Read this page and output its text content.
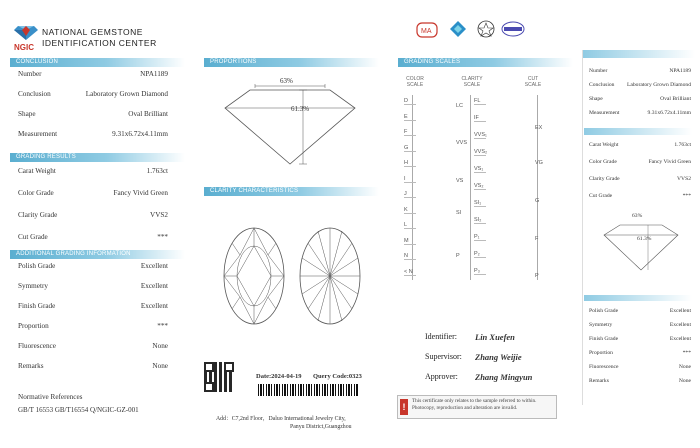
NGIC
NATIONAL GEMSTONE
IDENTIFICATION CENTER
CONCLUSION
Number	NPA1189
Conclusion	Laboratory Grown Diamond
Shape	Oval Brilliant
Measurement	9.31x6.72x4.11mm
GRADING RESULTS
Carat Weight	1.763ct
Color Grade	Fancy Vivid Green
Clarity Grade	VVS2
Cut Grade	***
ADDITIONAL GRADING INFORMATION
Polish Grade	Excellent
Symmetry	Excellent
Finish Grade	Excellent
Proportion	***
Fluorescence	None
Remarks	None
Normative References
GB/T 16553 GB/T16554 Q/NGIC-GZ-001
PROPORTIONS
63%
61.3%
CLARITY CHARACTERISTICS
Date:2024-04-19 Query Code:0323
Add：C7,2nd Floor，Daluo International Jewelry City,
Panyu District,Guangzhou
MA
GRADING SCALES
COLOR SCALE
CLARITY SCALE
CUT SCALE
D
E
F
G
H
I
J
K
L
M
N
< N
LC
VVS
VS
SI
P
FL
IF
VVS₁
VVS₂
VS₁
VS₂
SI₁
SI₂
P₁
P₂
P₃
EX
VG
G
F
P
Identifier: Lin Xuefen
Supervisor: Zhang Weijie
Approver: Zhang Mingyun
!
This certificate only relates to the sample referred to within. Photocopy, reproduction and alteration are invalid.
Number	NPA1189
Conclusion Laboratory Grown Diamond
Shape	Oval Brilliant
Measurement	9.31x6.72x4.11mm
Carat Weight	1.763ct
Color Grade	Fancy Vivid Green
Clarity Grade	VVS2
Cut Grade	***
63%
61.3%
Polish Grade	Excellent
Symmetry	Excellent
Finish Grade	Excellent
Proportion	***
Fluorescence	None
Remarks	None
